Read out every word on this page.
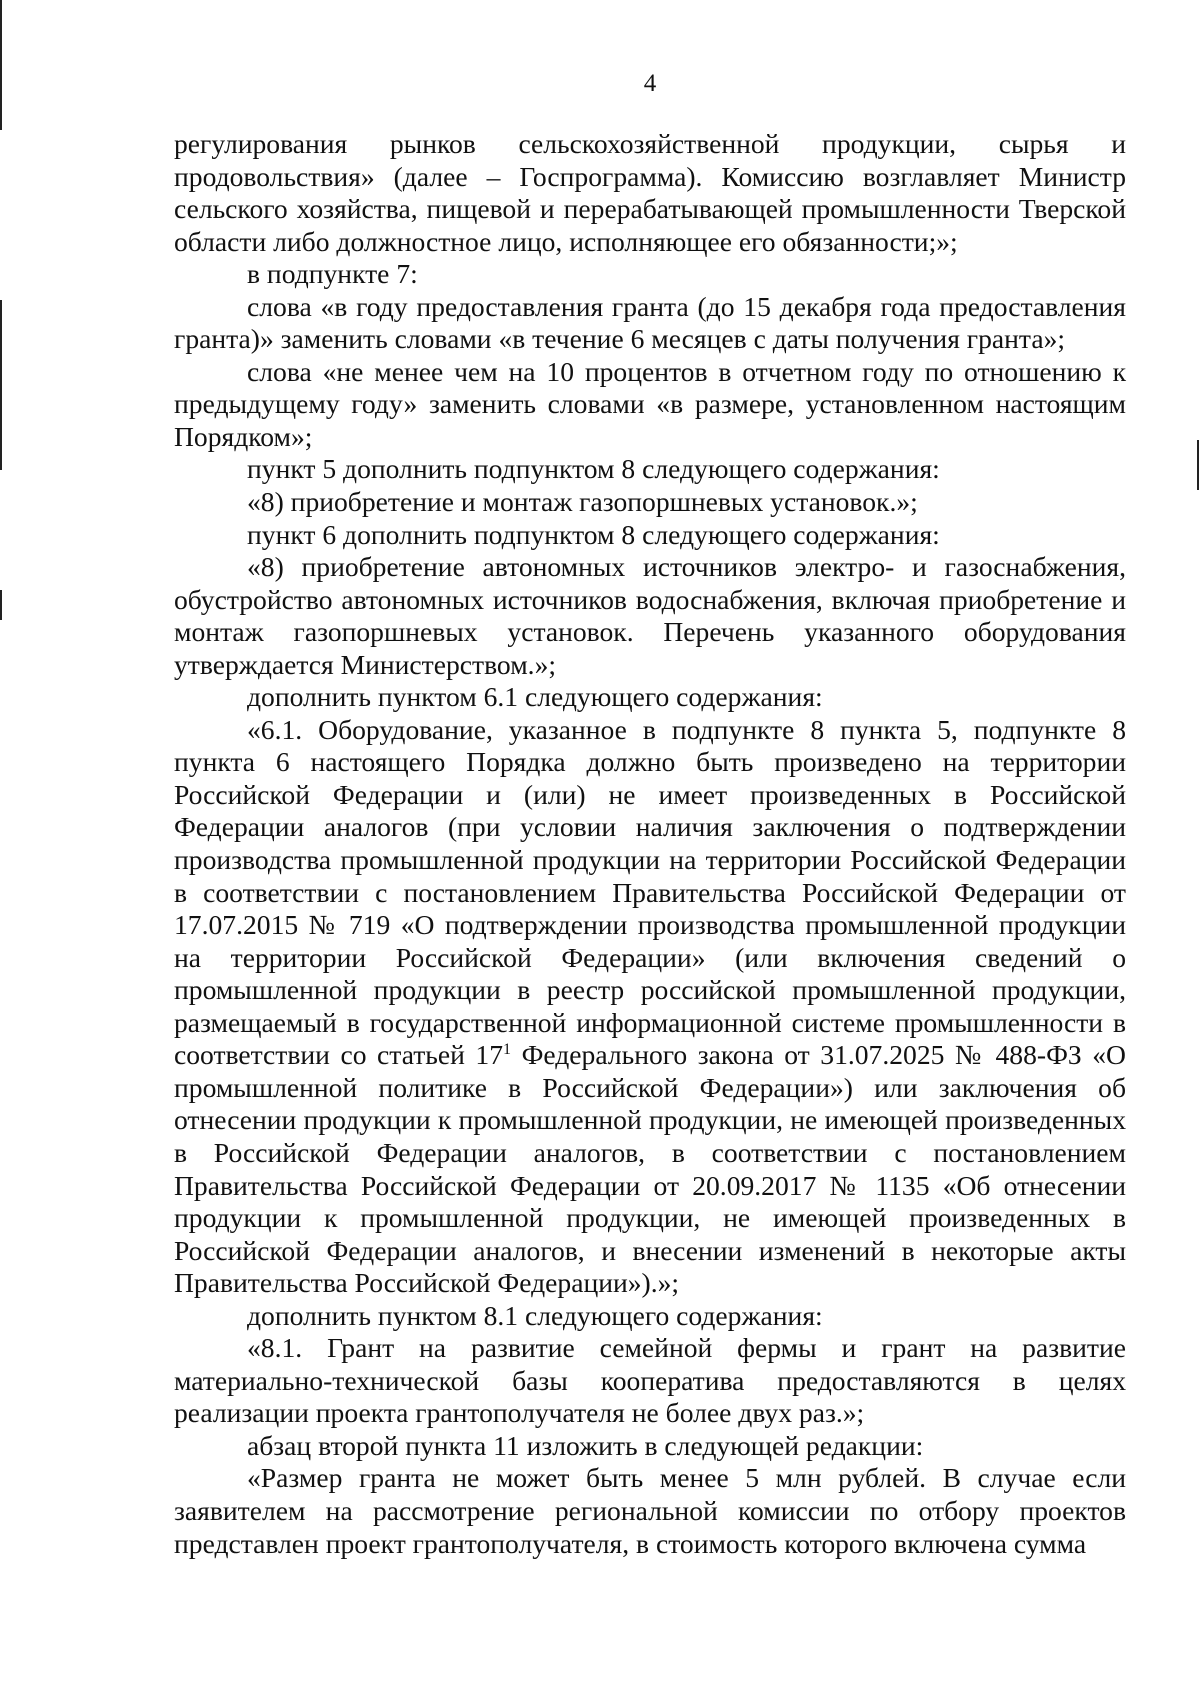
4

регулирования рынков сельскохозяйственной продукции, сырья и продовольствия» (далее – Госпрограмма). Комиссию возглавляет Министр сельского хозяйства, пищевой и перерабатывающей промышленности Тверской области либо должностное лицо, исполняющее его обязанности;»;

в подпункте 7:

слова «в году предоставления гранта (до 15 декабря года предоставления гранта)» заменить словами «в течение 6 месяцев с даты получения гранта»;

слова «не менее чем на 10 процентов в отчетном году по отношению к предыдущему году» заменить словами «в размере, установленном настоящим Порядком»;

пункт 5 дополнить подпунктом 8 следующего содержания:

«8) приобретение и монтаж газопоршневых установок.»;

пункт 6 дополнить подпунктом 8 следующего содержания:

«8) приобретение автономных источников электро- и газоснабжения, обустройство автономных источников водоснабжения, включая приобретение и монтаж газопоршневых установок. Перечень указанного оборудования утверждается Министерством.»;

дополнить пунктом 6.1 следующего содержания:

«6.1. Оборудование, указанное в подпункте 8 пункта 5, подпункте 8 пункта 6 настоящего Порядка должно быть произведено на территории Российской Федерации и (или) не имеет произведенных в Российской Федерации аналогов (при условии наличия заключения о подтверждении производства промышленной продукции на территории Российской Федерации в соответствии с постановлением Правительства Российской Федерации от 17.07.2015 № 719 «О подтверждении производства промышленной продукции на территории Российской Федерации» (или включения сведений о промышленной продукции в реестр российской промышленной продукции, размещаемый в государственной информационной системе промышленности в соответствии со статьей $17^1$ Федерального закона от 31.07.2025 № 488-ФЗ «О промышленной политике в Российской Федерации») или заключения об отнесении продукции к промышленной продукции, не имеющей произведенных в Российской Федерации аналогов, в соответствии с постановлением Правительства Российской Федерации от 20.09.2017 № 1135 «Об отнесении продукции к промышленной продукции, не имеющей произведенных в Российской Федерации аналогов, и внесении изменений в некоторые акты Правительства Российской Федерации»).»;

дополнить пунктом 8.1 следующего содержания:

«8.1. Грант на развитие семейной фермы и грант на развитие материально-технической базы кооператива предоставляются в целях реализации проекта грантополучателя не более двух раз.»;

абзац второй пункта 11 изложить в следующей редакции:

«Размер гранта не может быть менее 5 млн рублей. В случае если заявителем на рассмотрение региональной комиссии по отбору проектов представлен проект грантополучателя, в стоимость которого включена сумма
